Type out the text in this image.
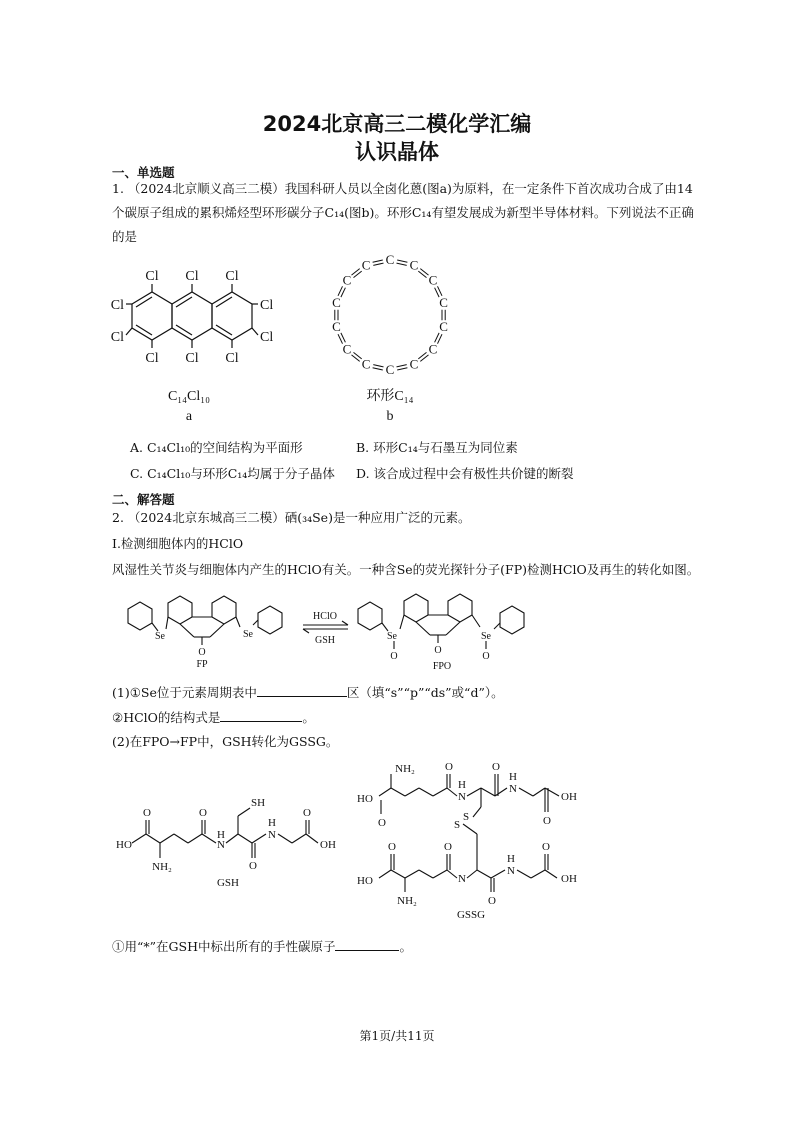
2024北京高三二模化学汇编
认识晶体
一、单选题
1. （2024北京顺义高三二模）我国科研人员以全卤化蒽(图a)为原料，在一定条件下首次成功合成了由14
个碳原子组成的累积烯烃型环形碳分子C₁₄(图b)。环形C₁₄有望发展成为新型半导体材料。下列说法不正确
的是
Cl Cl Cl
Cl Cl Cl
Cl
Cl
Cl
Cl
C₁₄Cl₁₀
a
C C
C
C
C
C
C
C
C
C
C
C
C
C
环形C₁₄
b
A. C₁₄Cl₁₀的空间结构为平面形	B. 环形C₁₄与石墨互为同位素
C. C₁₄Cl₁₀与环形C₁₄均属于分子晶体 D. 该合成过程中会有极性共价键的断裂
二、解答题
2. （2024北京东城高三二模）硒(₃₄Se)是一种应用广泛的元素。
Ⅰ.检测细胞体内的HClO
风湿性关节炎与细胞体内产生的HClO有关。一种含Se的荧光探针分子(FP)检测HClO及再生的转化如图。
Se	Se
O
FP
HClO
GSH	Se
O
O
FPO
Se
O
(1)①Se位于元素周期表中	区（填“s”“p”“ds”或“d”）。
②HClO的结构式是	。
(2)在FPO→FP中，GSH转化为GSSG。
HO
O
NH₂
O
N
H
SH
O
N
H
O
OH
GSH
HO
NH₂
O
O
N
H
O
N
H
O
OH
S
S
HO
O
NH₂
O
N
O
N
H
O
OH
GSSG
①用“*”在GSH中标出所有的手性碳原子	。
第1页/共11页
